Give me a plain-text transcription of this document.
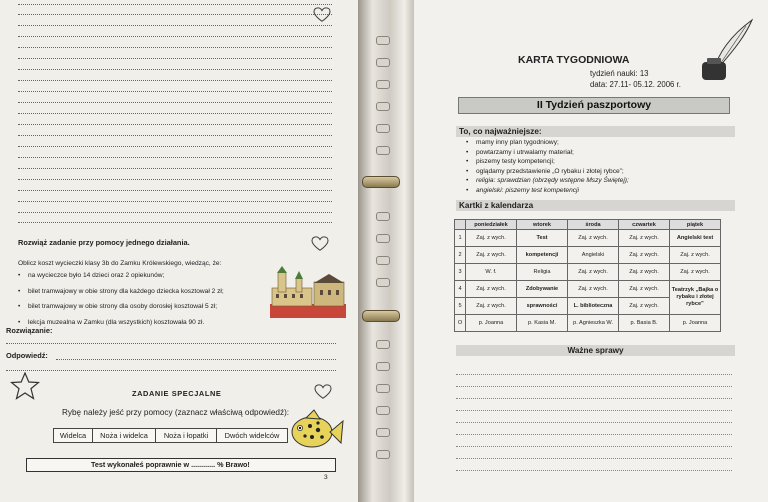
Rozwiąż zadanie przy pomocy jednego działania.
Oblicz koszt wycieczki klasy 3b do Zamku Królewskiego, wiedząc, że:
• na wycieczce było 14 dzieci oraz 2 opiekunów;
• bilet tramwajowy w obie strony dla każdego dziecka kosztował 2 zł;
• bilet tramwajowy w obie strony dla osoby dorosłej kosztował 5 zł;
• lekcja muzealna w Zamku (dla wszystkich) kosztowała 90 zł.
Rozwiązanie:
Odpowiedź:
ZADANIE SPECJALNE
Rybę należy jeść przy pomocy (zaznacz właściwą odpowiedź):
Widelca	Noża i widelca	Noża i łopatki	Dwóch widelców
Test wykonałeś poprawnie w ............ % Brawo!
3
KARTA TYGODNIOWA
tydzień nauki: 13
data: 27.11- 05.12. 2006 r.
II Tydzień paszportowy
To, co najważniejsze:
• mamy inny plan tygodniowy;
• powtarzamy i utrwalamy materiał;
• piszemy testy kompetencji;
• oglądamy przedstawienie „O rybaku i złotej rybce”;
• religia: sprawdzian (obrzędy wstępne Mszy Świętej);
• angielski: piszemy test kompetencji
Kartki z kalendarza
	poniedziałek	wtorek	środa	czwartek	piątek
1	Zaj. z wych.	Test	Zaj. z wych.	Zaj. z wych.	Angielski test
2	Zaj. z wych.	kompetencji	Angielski	Zaj. z wych.	Zaj. z wych.
3	W. f.	Religia	Zaj. z wych.	Zaj. z wych.	Zaj. z wych.
4	Zaj. z wych.	Zdobywanie	Zaj. z wych.	Zaj. z wych.	Teatrzyk „Bajka o rybaku i złotej rybce”
5	Zaj. z wych.	sprawności	L. biblioteczna	Zaj. z wych.	
O	p. Joanna	p. Kasia M.	p. Agnieszka W.	p. Basia B.	p. Joanna
Ważne sprawy
